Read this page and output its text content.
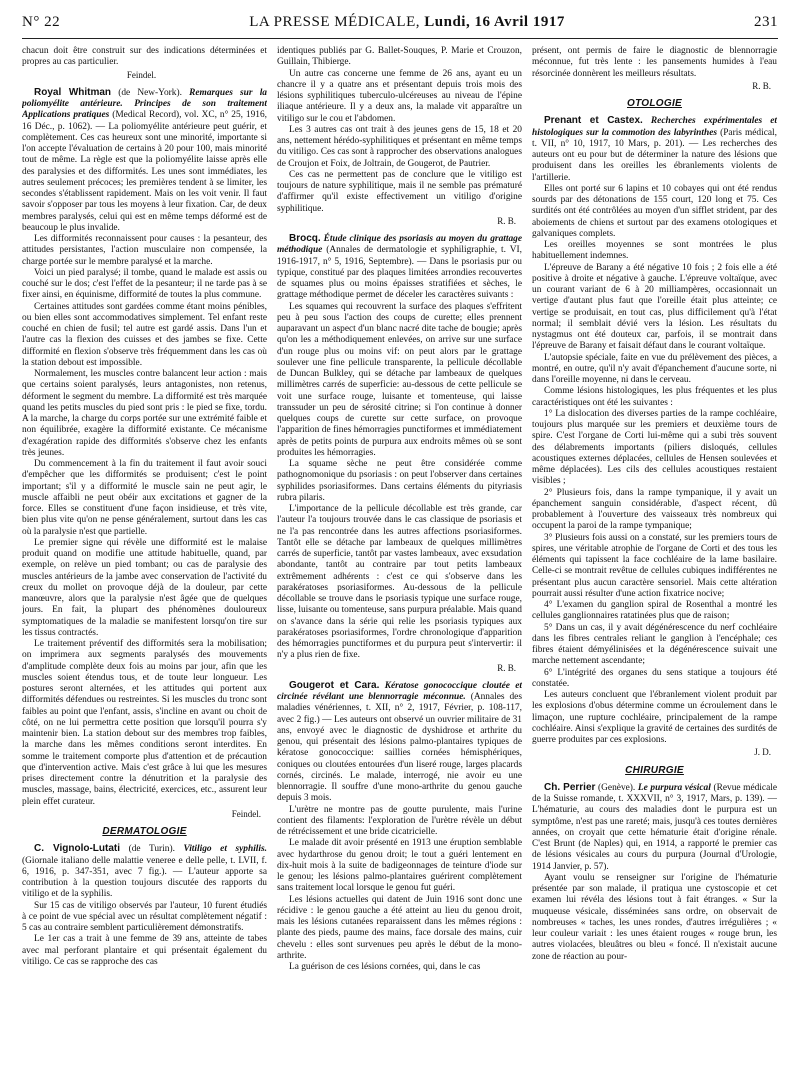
N° 22	LA PRESSE MÉDICALE, Lundi, 16 Avril 1917	231

chacun doit être construit sur des indications déterminées et propres au cas particulier.

Feindel.

Royal Whitman (de New-York). Remarques sur la poliomyélite antérieure. Principes de son traitement Applications pratiques (Medical Record), vol. XC, n° 25, 1916, 16 Déc., p. 1062). — La poliomyélite antérieure peut guérir, et complètement. Ces cas heureux sont une minorité, importante si l'on accepte l'évaluation de certains à 20 pour 100, mais minorité tout de même. La règle est que la poliomyélite laisse après elle des paralysies et des difformités. Les unes sont immédiates, les autres seulement précoces; les premières tendent à se limiter, les secondes s'établissent rapidement. Mais on les voit venir. Il faut savoir s'opposer par tous les moyens à leur fixation. Car, de deux membres paralysés, celui qui est en même temps déformé est de beaucoup le plus invalide.

Les difformités reconnaissent pour causes : la pesanteur, des attitudes persistantes, l'action musculaire non compensée, la charge portée sur le membre paralysé et la marche.

Voici un pied paralysé; il tombe, quand le malade est assis ou couché sur le dos; c'est l'effet de la pesanteur; il ne tarde pas à se fixer ainsi, en équinisme, difformité de toutes la plus commune.

Certaines attitudes sont gardées comme étant moins pénibles, ou bien elles sont accommodatives simplement. Tel enfant reste couché en chien de fusil; tel autre est gardé assis. Dans l'un et l'autre cas la flexion des cuisses et des jambes se fixe. Cette difformité en flexion s'observe très fréquemment dans les cas où la station debout est impossible.

Normalement, les muscles contre balancent leur action : mais que certains soient paralysés, leurs antagonistes, non retenus, déforment le segment du membre. La difformité est très marquée quand les petits muscles du pied sont pris : le pied se fixe, tordu. A la marche, la charge du corps portée sur une extrémité faible et non équilibrée, exagère la difformité existante. Ce mécanisme d'exagération rapide des difformités s'observe chez les enfants très jeunes.

Du commencement à la fin du traitement il faut avoir souci d'empêcher que les difformités se produisent; c'est le point important; s'il y a difformité le muscle sain ne peut agir, le muscle affaibli ne peut obéir aux excitations et gagner de la force. Elles se constituent d'une façon insidieuse, et très vite, bien plus vite qu'on ne pense généralement, surtout dans les cas où la paralysie n'est que partielle.

Le premier signe qui révèle une difformité est le malaise produit quand on modifie une attitude habituelle, quand, par exemple, on relève un pied tombant; ou cas de paralysie des muscles antérieurs de la jambe avec conservation de l'activité du creux du mollet on provoque déjà de la douleur, par cette manœuvre, alors que la paralysie n'est âgée que de quelques jours. En fait, la plupart des phénomènes douloureux symptomatiques de la maladie se manifestent lorsqu'on tire sur les tissus contractés.

Le traitement préventif des difformités sera la mobilisation; on imprimera aux segments paralysés des mouvements d'amplitude complète deux fois au moins par jour, afin que les muscles soient étendus tous, et de toute leur longueur. Les postures seront alternées, et les attitudes qui portent aux difformités défendues ou restreintes. Si les muscles du tronc sont faibles au point que l'enfant, assis, s'incline en avant ou choit de côté, on ne lui permettra cette position que lorsqu'il pourra s'y maintenir bien. La station debout sur des membres trop faibles, la marche dans les mêmes conditions seront interdites. En somme le traitement comporte plus d'attention et de précaution que d'intervention active. Mais c'est grâce à lui que les mesures prises directement contre la dénutrition et la paralysie des muscles, massage, bains, électricité, exercices, etc., assurent leur plein effet curateur.

Feindel.
DERMATOLOGIE

C. Vignolo-Lutati (de Turin). Vitiligo et syphilis. (Giornale italiano delle malattie veneree e delle pelle, t. LVII, f. 6, 1916, p. 347-351, avec 7 fig.). — L'auteur apporte sa contribution à la question toujours discutée des rapports du vitiligo et de la syphilis.

Sur 15 cas de vitiligo observés par l'auteur, 10 furent étudiés à ce point de vue spécial avec un résultat complètement négatif : 5 cas au contraire semblent particulièrement démonstratifs.

Le 1er cas a trait à une femme de 39 ans, atteinte de tabes avec mal perforant plantaire et qui présentait également du vitiligo. Ce cas se rapproche des cas

identiques publiés par G. Ballet-Souques, P. Marie et Crouzon, Guillain, Thibierge.

Un autre cas concerne une femme de 26 ans, ayant eu un chancre il y a quatre ans et présentant depuis trois mois des lésions syphilitiques tuberculo-ulcéreuses au niveau de l'épine iliaque antérieure. Il y a deux ans, la malade vit apparaître un vitiligo sur le cou et l'abdomen.

Les 3 autres cas ont trait à des jeunes gens de 15, 18 et 20 ans, nettement hérédo-syphilitiques et présentant en même temps du vitiligo. Ces cas sont à rapprocher des observations analogues de Croujon et Foix, de Joltrain, de Gougerot, de Pautrier.

Ces cas ne permettent pas de conclure que le vitiligo est toujours de nature syphilitique, mais il ne semble pas prématuré d'affirmer qu'il existe effectivement un vitiligo d'origine syphilitique.

R. B.

Brocq. Étude clinique des psoriasis au moyen du grattage méthodique (Annales de dermatologie et syphiligraphie, t. VI, 1916-1917, n° 5, 1916, Septembre). — Dans le psoriasis pur ou typique, constitué par des plaques limitées arrondies recouvertes de squames plus ou moins épaisses stratifiées et sèches, le grattage méthodique permet de déceler les caractères suivants :

Les squames qui recouvrent la surface des plaques s'effritent peu à peu sous l'action des coups de curette; elles prennent auparavant un aspect d'un blanc nacré dite tache de bougie; après qu'on les a méthodiquement enlevées, on arrive sur une surface d'un rouge plus ou moins vif: on peut alors par le grattage soulever une fine pellicule transparente, la pellicule décollable de Duncan Bulkley, qui se détache par lambeaux de quelques millimètres carrés de superficie: au-dessous de cette pellicule se voit une surface rouge, luisante et tomenteuse, qui laisse transsuder un peu de sérosité citrine; si l'on continue à donner quelques coups de curette sur cette surface, on provoque l'apparition de fines hémorragies punctiformes et immédiatement après de petits points de purpura aux endroits mêmes où se sont produites les hémorragies.

La squame sèche ne peut être considérée comme pathognomonique du psoriasis : on peut l'observer dans certaines syphilides psoriasiformes. Dans certains éléments du pityriasis rubra pilaris.

L'importance de la pellicule décollable est très grande, car l'auteur l'a toujours trouvée dans le cas classique de psoriasis et ne l'a pas rencontrée dans les autres affections psoriasiformes. Tantôt elle se détache par lambeaux de quelques millimètres carrés de superficie, tantôt par vastes lambeaux, avec exsudation abondante, tantôt au contraire par tout petits lambeaux extrêmement adhérents : c'est ce qui s'observe dans les parakératoses psoriasiformes. Au-dessous de la pellicule décollable se trouve dans le psoriasis typique une surface rouge, lisse, luisante ou tomenteuse, sans purpura préalable. Mais quand on s'avance dans la série qui relie les psoriasis typiques aux parakératoses psoriasiformes, l'ordre chronologique d'apparition des hémorragies punctiformes et du purpura peut s'intervertir: il n'y a plus rien de fixe.

R. B.

Gougerot et Cara. Kératose gonococcique cloutée et circinée révélant une blennorragie méconnue. (Annales des maladies vénériennes, t. XII, n° 2, 1917, Février, p. 108-117, avec 2 fig.) — Les auteurs ont observé un ouvrier militaire de 31 ans, envoyé avec le diagnostic de dyshidrose et arthrite du genou, qui présentait des lésions palmo-plantaires typiques de kératose gonococcique: saillies cornées hémisphériques, coniques ou cloutées entourées d'un liseré rouge, larges placards cornés, circinés. Le malade, interrogé, nie avoir eu une blennorragie. Il souffre d'une mono-arthrite du genou gauche depuis 3 mois.

L'urètre ne montre pas de goutte purulente, mais l'urine contient des filaments: l'exploration de l'urètre révèle un début de rétrécissement et une bride cicatricielle.

Le malade dit avoir présenté en 1913 une éruption semblable avec hydarthrose du genou droit; le tout a guéri lentement en dix-huit mois à la suite de badigeonnages de teinture d'iode sur le genou; les lésions palmo-plantaires guérirent complètement sans traitement local lorsque le genou fut guéri.

Les lésions actuelles qui datent de Juin 1916 sont donc une récidive : le genou gauche a été atteint au lieu du genou droit, mais les lésions cutanées reparaissent dans les mêmes régions : plante des pieds, paume des mains, face dorsale des mains, cuir chevelu : elles sont survenues peu après le début de la mono-arthrite.

La guérison de ces lésions cornées, qui, dans le cas

présent, ont permis de faire le diagnostic de blennorragie méconnue, fut très lente : les pansements humides à l'eau résorcinée donnèrent les meilleurs résultats.

R. B.
OTOLOGIE

Prenant et Castex. Recherches expérimentales et histologiques sur la commotion des labyrinthes (Paris médical, t. VII, n° 10, 1917, 10 Mars, p. 201). — Les recherches des auteurs ont eu pour but de déterminer la nature des lésions que produisent dans les oreilles les ébranlements violents de l'artillerie.

Elles ont porté sur 6 lapins et 10 cobayes qui ont été rendus sourds par des détonations de 155 court, 120 long et 75. Ces surdités ont été contrôlées au moyen d'un sifflet strident, par des aboiements de chiens et surtout par des examens otologiques et galvaniques complets.

Les oreilles moyennes se sont montrées le plus habituellement indemnes.

L'épreuve de Barany a été négative 10 fois ; 2 fois elle a été positive à droite et négative à gauche. L'épreuve voltaïque, avec un courant variant de 6 à 20 milliampères, occasionnait un vertige d'autant plus faut que l'oreille était plus atteinte; ce vertige se produisait, en tout cas, plus difficilement qu'à l'état normal; il semblait dévié vers la lésion. Les résultats du nystagmus ont été douteux car, parfois, il se montrait dans l'épreuve de Barany et faisait défaut dans le courant voltaïque.

L'autopsie spéciale, faite en vue du prélèvement des pièces, a montré, en outre, qu'il n'y avait d'épanchement d'aucune sorte, ni dans l'oreille moyenne, ni dans le cerveau.

Comme lésions histologiques, les plus fréquentes et les plus caractéristiques ont été les suivantes :

1° La dislocation des diverses parties de la rampe cochléaire, toujours plus marquée sur les premiers et deuxième tours de spire. C'est l'organe de Corti lui-même qui a subi très souvent des délabrements importants (piliers disloqués, cellules acoustiques externes déplacées, cellules de Hensen soulevées et même déplacées). Les cils des cellules acoustiques restaient visibles ;

2° Plusieurs fois, dans la rampe tympanique, il y avait un épanchement sanguin considérable, d'aspect récent, dû probablement à l'ouverture des vaisseaux très nombreux qui occupent la paroi de la rampe tympanique;

3° Plusieurs fois aussi on a constaté, sur les premiers tours de spires, une véritable atrophie de l'organe de Corti et des tous les éléments qui tapissent la face cochléaire de la lame basilaire. Celle-ci se montrait revêtue de cellules cubiques indifférentes ne présentant plus aucun caractère sensoriel. Mais cette altération pourrait aussi résulter d'une action fixatrice nocive;

4° L'examen du ganglion spiral de Rosenthal a montré les cellules ganglionnaires ratatinées plus que de raison;

5° Dans un cas, il y avait dégénérescence du nerf cochléaire dans les fibres centrales reliant le ganglion à l'encéphale; ces fibres étaient démyélinisées et la dégénérescence suivait une marche nettement ascendante;

6° L'intégrité des organes du sens statique a toujours été constatée.

Les auteurs concluent que l'ébranlement violent produit par les explosions d'obus détermine comme un écroulement dans le limaçon, une rupture cochléaire, principalement de la rampe cochléaire. Ainsi s'explique la gravité de certaines des surdités de guerre produites par ces explosions.

J. D.
CHIRURGIE

Ch. Perrier (Genève). Le purpura vésical (Revue médicale de la Suisse romande, t. XXXVII, n° 3, 1917, Mars, p. 139). — L'hématurie, au cours des maladies dont le purpura est un symptôme, n'est pas une rareté; mais, jusqu'à ces toutes dernières années, on croyait que cette hématurie était d'origine rénale. C'est Brunt (de Naples) qui, en 1914, a rapporté le premier cas de lésions vésicales au cours du purpura (Journal d'Urologie, 1914 Janvier, p. 57).

Ayant voulu se renseigner sur l'origine de l'hématurie présentée par son malade, il pratiqua une cystoscopie et cet examen lui révéla des lésions tout à fait étranges. « Sur la muqueuse vésicale, disséminées sans ordre, on observait de nombreuses « taches, les unes rondes, d'autres irrégulières ; « leur couleur variait : les unes étaient rouges « rouge brun, les autres violacées, bleuâtres ou bleu « foncé. Il n'existait aucune zone de réaction au pour-
